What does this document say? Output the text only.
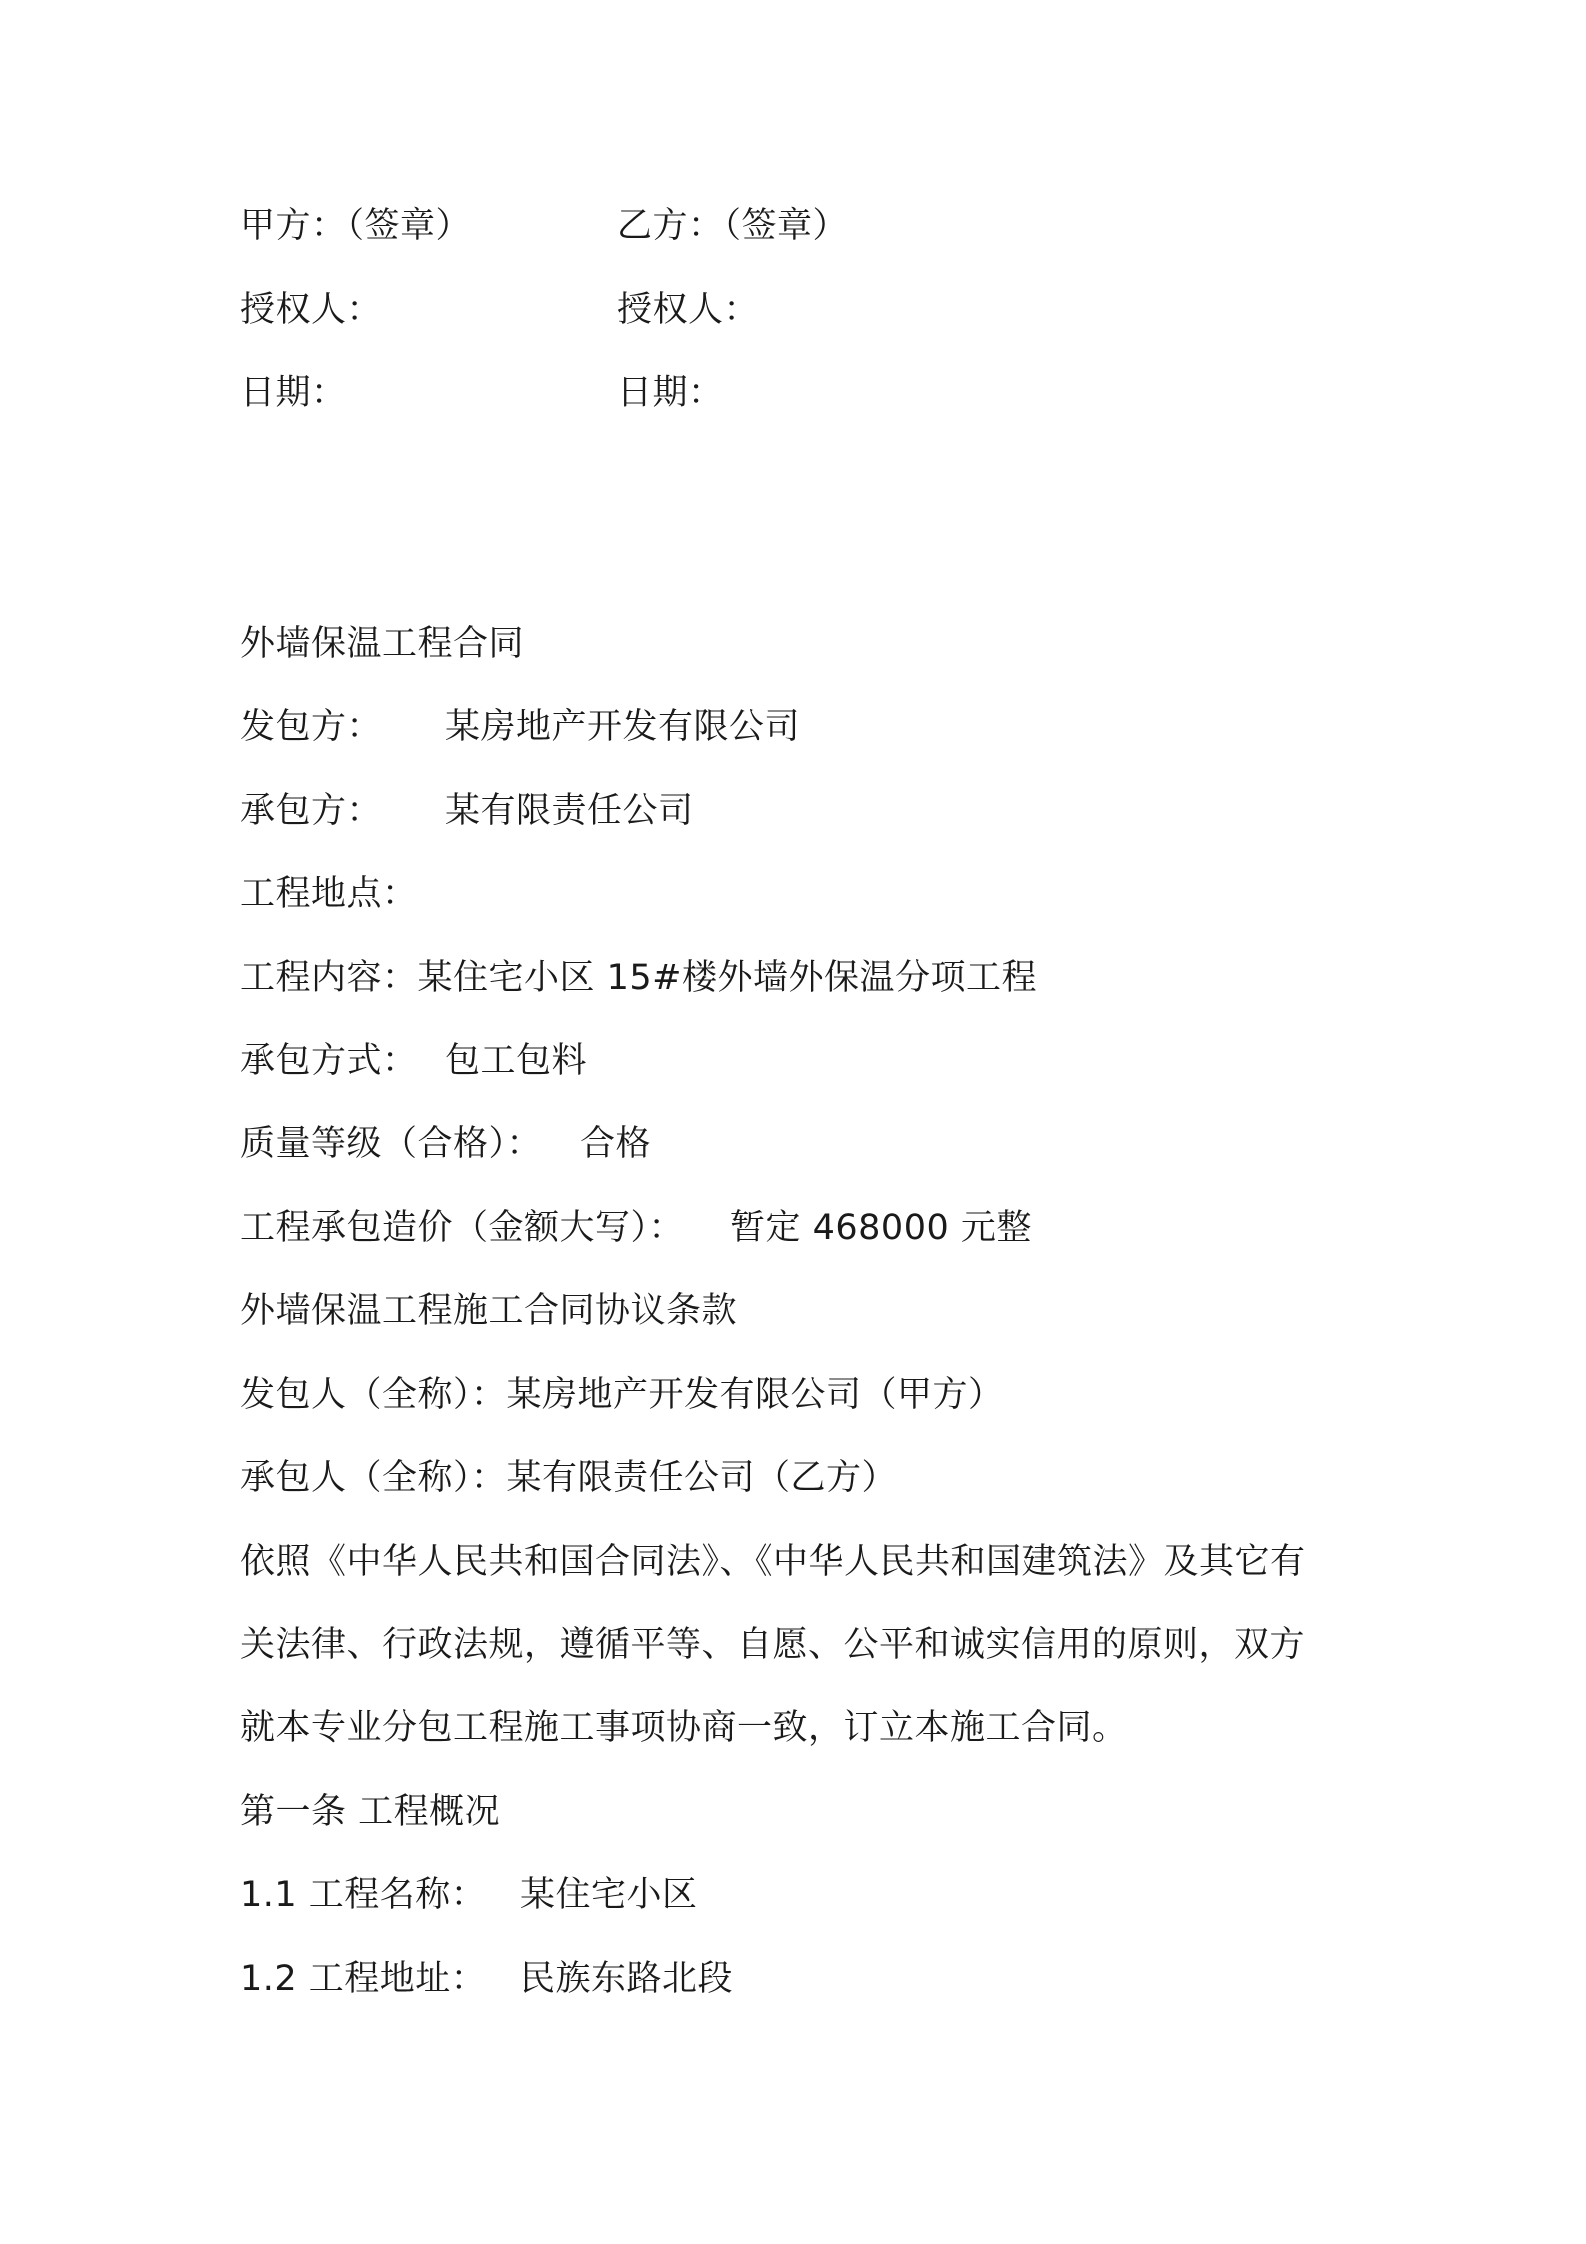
甲方：（签章）	乙方：（签章）
授权人：	授权人：
日期：	日期：
外墙保温工程合同
发包方： 某房地产开发有限公司
承包方： 某有限责任公司
工程地点：
工程内容：某住宅小区 15#楼外墙外保温分项工程
承包方式： 包工包料
质量等级（合格）： 合格
工程承包造价（金额大写）： 暂定 468000 元整
外墙保温工程施工合同协议条款
发包人（全称）：某房地产开发有限公司（甲方）
承包人（全称）：某有限责任公司（乙方）
依照《中华人民共和国合同法》、《中华人民共和国建筑法》及其它有
关法律、行政法规，遵循平等、自愿、公平和诚实信用的原则，双方
就本专业分包工程施工事项协商一致，订立本施工合同。
第一条 工程概况
1.1 工程名称： 某住宅小区
1.2 工程地址： 民族东路北段
